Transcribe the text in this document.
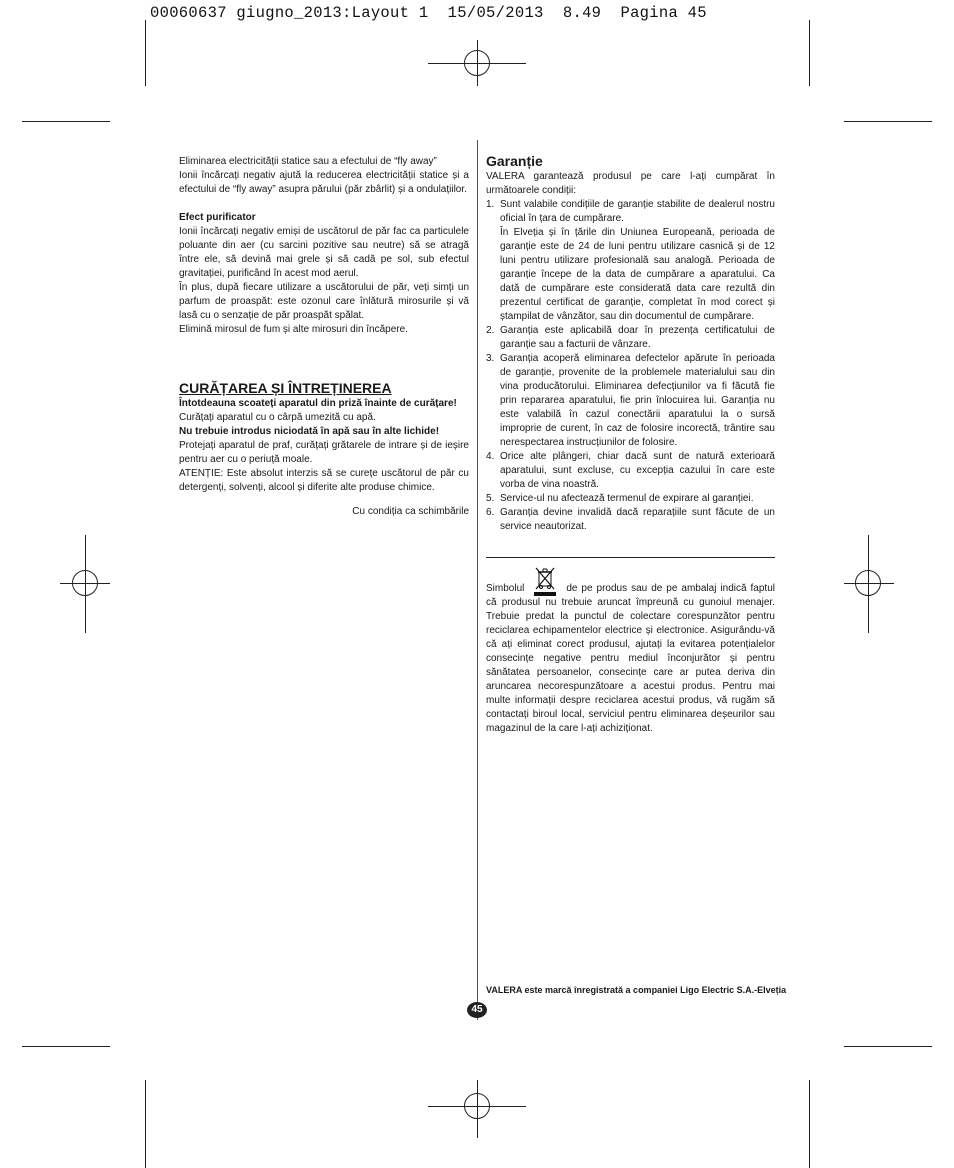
00060637 giugno_2013:Layout 1  15/05/2013  8.49  Pagina 45

Eliminarea electricității statice sau a efectului de “fly away”

Ionii încărcați negativ ajută la reducerea electricității statice și a efectului de “fly away” asupra părului (păr zbârlit) și a ondulațiilor.

Efect purificator

Ionii încărcați negativ emiși de uscătorul de păr fac ca particulele poluante din aer (cu sarcini pozitive sau neutre) să se atragă între ele, să devină mai grele și să cadă pe sol, sub efectul gravitației, purificând în acest mod aerul.

În plus, după fiecare utilizare a uscătorului de păr, veți simți un parfum de proaspăt: este ozonul care înlătură mirosurile și vă lasă cu o senzație de păr proaspăt spălat.

Elimină mirosul de fum și alte mirosuri din încăpere.

CURĂȚAREA ȘI ÎNTREȚINEREA

Întotdeauna scoateți aparatul din priză înainte de curățare!

Curățați aparatul cu o cârpă umezită cu apă.

Nu trebuie introdus niciodată în apă sau în alte lichide!

Protejați aparatul de praf, curățați grătarele de intrare și de ieșire pentru aer cu o periuță moale.

ATENȚIE: Este absolut interzis să se curețe uscătorul de păr cu detergenți, solvenți, alcool și diferite alte produse chimice.

Cu condiția ca schimbările

Garanție

VALERA garantează produsul pe care l-ați cumpărat în următoarele condiții:

1. Sunt valabile condițiile de garanție stabilite de dealerul nostru oficial în țara de cumpărare.
În Elveția și în țările din Uniunea Europeană, perioada de garanție este de 24 de luni pentru utilizare casnică și de 12 luni pentru utilizare profesională sau analogă. Perioada de garanție începe de la data de cumpărare a aparatului. Ca dată de cumpărare este considerată data care rezultă din prezentul certificat de garanție, completat în mod corect și ștampilat de vânzător, sau din documentul de cumpărare.
2. Garanția este aplicabilă doar în prezența certificatului de garanție sau a facturii de vânzare.
3. Garanția acoperă eliminarea defectelor apărute în perioada de garanție, provenite de la problemele materialului sau din vina producătorului. Eliminarea defecțiunilor va fi făcută fie prin repararea aparatului, fie prin înlocuirea lui. Garanția nu este valabilă în cazul conectării aparatului la o sursă improprie de curent, în caz de folosire incorectă, trântire sau nerespectarea instrucțiunilor de folosire.
4. Orice alte plângeri, chiar dacă sunt de natură exterioară aparatului, sunt excluse, cu excepția cazului în care este vorba de vina noastră.
5. Service-ul nu afectează termenul de expirare al garanției.
6. Garanția devine invalidă dacă reparațiile sunt făcute de un service neautorizat.
Simbolul	de pe produs sau de pe ambalaj indică faptul că produsul nu trebuie aruncat împreună cu gunoiul menajer. Trebuie predat la punctul de colectare corespunzător pentru reciclarea echipamentelor electrice și electronice. Asigurându-vă că ați eliminat corect produsul, ajutați la evitarea potențialelor consecințe negative pentru mediul înconjurător și pentru sănătatea persoanelor, consecințe care ar putea deriva din aruncarea necorespunzătoare a acestui produs. Pentru mai multe informații despre reciclarea acestui produs, vă rugăm să contactați biroul local, serviciul pentru eliminarea deșeurilor sau magazinul de la care l-ați achiziționat.
VALERA este marcă înregistrată a companiei Ligo Electric S.A.-Elveția
45
